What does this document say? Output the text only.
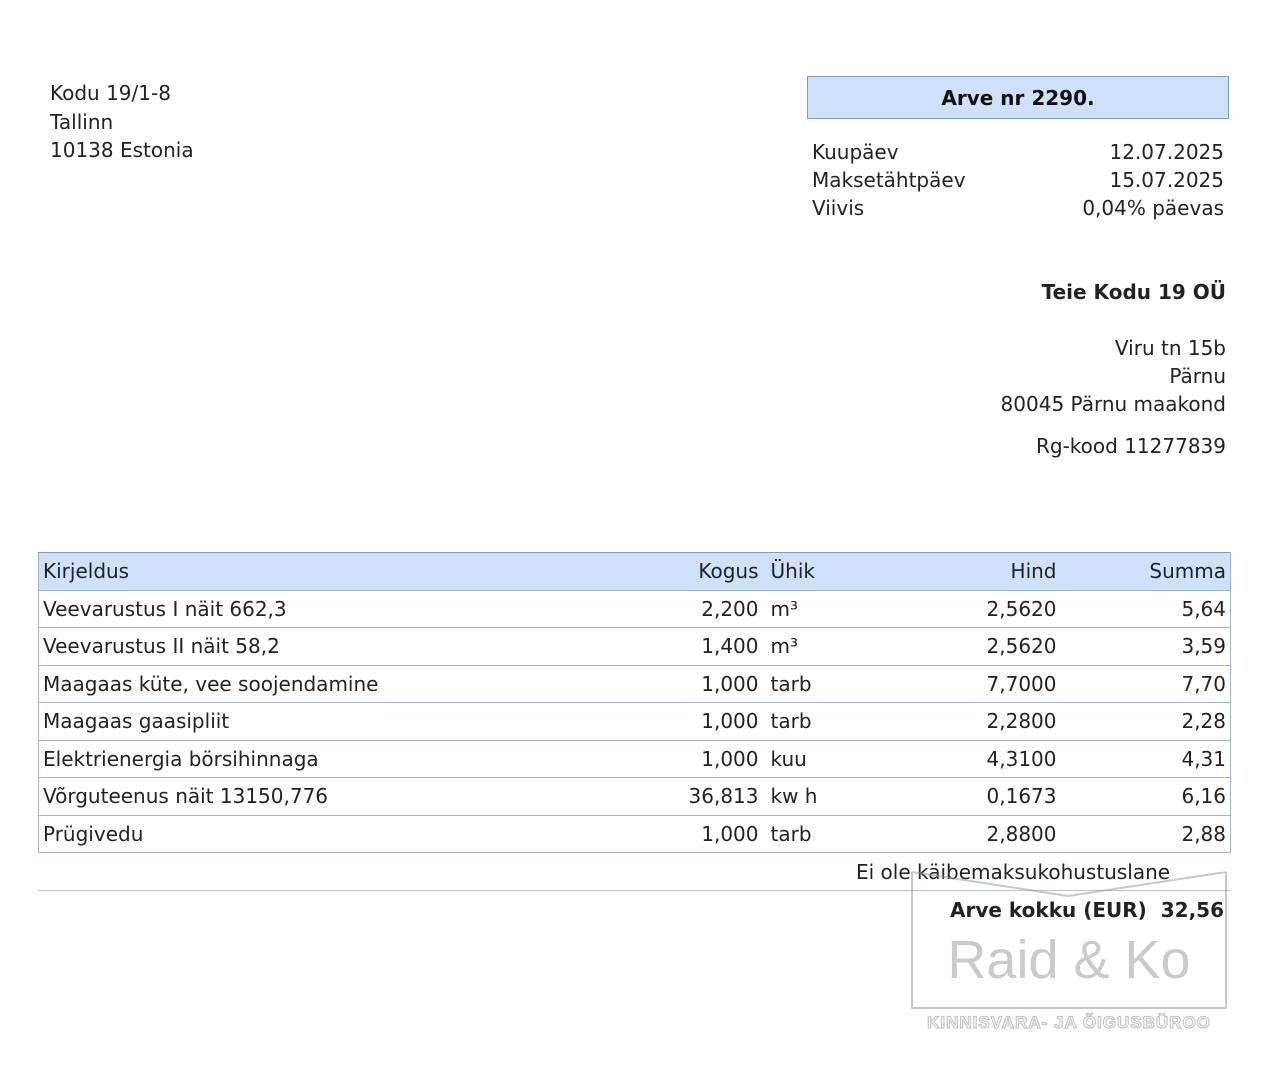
Kodu 19/1-8
Tallinn
10138 Estonia
Arve nr 2290.
Kuupäev	12.07.2025
Maksetähtpäev	15.07.2025
Viivis	0,04% päevas
Teie Kodu 19 OÜ
Viru tn 15b
Pärnu
80045 Pärnu maakond
Rg-kood 11277839
Kirjeldus	Kogus	Ühik	Hind	Summa
Veevarustus I näit 662,3	2,200	m³	2,5620	5,64
Veevarustus II näit 58,2	1,400	m³	2,5620	3,59
Maagaas küte, vee soojendamine	1,000	tarb	7,7000	7,70
Maagaas gaasipliit	1,000	tarb	2,2800	2,28
Elektrienergia börsihinnaga	1,000	kuu	4,3100	4,31
Võrguteenus näit 13150,776	36,813	kw h	0,1673	6,16
Prügivedu	1,000	tarb	2,8800	2,88
Ei ole käibemaksukohustuslane
Arve kokku (EUR) 32,56
Raid & Ko
KINNISVARA- JA ÕIGUSBÜROO
